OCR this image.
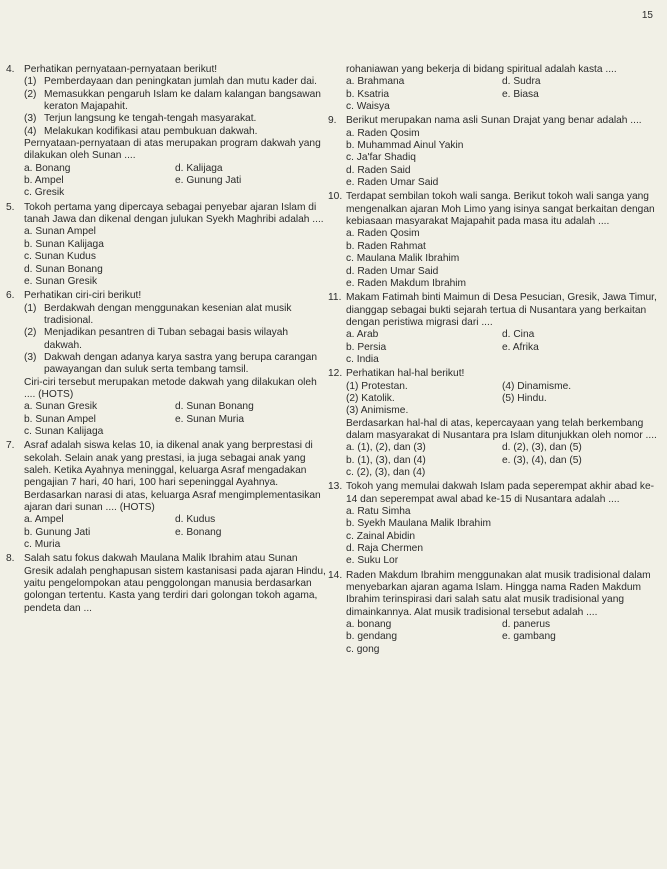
15
4. Perhatikan pernyataan-pernyataan berikut!
(1) Pemberdayaan dan peningkatan jumlah dan mutu kader dai.
(2) Memasukkan pengaruh Islam ke dalam kalangan bangsawan keraton Majapahit.
(3) Terjun langsung ke tengah-tengah masyarakat.
(4) Melakukan kodifikasi atau pembukuan dakwah.
Pernyataan-pernyataan di atas merupakan program dakwah yang dilakukan oleh Sunan ....
a. Bonang	d. Kalijaga
b. Ampel	e. Gunung Jati
c. Gresik
5. Tokoh pertama yang dipercaya sebagai penyebar ajaran Islam di tanah Jawa dan dikenal dengan julukan Syekh Maghribi adalah ....
a. Sunan Ampel
b. Sunan Kalijaga
c. Sunan Kudus
d. Sunan Bonang
e. Sunan Gresik
6. Perhatikan ciri-ciri berikut!
(1) Berdakwah dengan menggunakan kesenian alat musik tradisional.
(2) Menjadikan pesantren di Tuban sebagai basis wilayah dakwah.
(3) Dakwah dengan adanya karya sastra yang berupa carangan pawayangan dan suluk serta tembang tamsil.
Ciri-ciri tersebut merupakan metode dakwah yang dilakukan oleh .... (HOTS)
a. Sunan Gresik	d. Sunan Bonang
b. Sunan Ampel	e. Sunan Muria
c. Sunan Kalijaga
7. Asraf adalah siswa kelas 10, ia dikenal anak yang berprestasi di sekolah. Selain anak yang prestasi, ia juga sebagai anak yang saleh. Ketika Ayahnya meninggal, keluarga Asraf mengadakan pengajian 7 hari, 40 hari, 100 hari sepeninggal Ayahnya. Berdasarkan narasi di atas, keluarga Asraf mengimplementasikan ajaran dari sunan .... (HOTS)
a. Ampel	d. Kudus
b. Gunung Jati	e. Bonang
c. Muria
8. Salah satu fokus dakwah Maulana Malik Ibrahim atau Sunan Gresik adalah penghapusan sistem kastanisasi pada ajaran Hindu, yaitu pengelompokan atau penggolongan manusia berdasarkan golongan tertentu. Kasta yang terdiri dari golongan tokoh agama, pendeta dan ...
rohaniawan yang bekerja di bidang spiritual adalah kasta ....
a. Brahmana	d. Sudra
b. Ksatria	e. Biasa
c. Waisya
9. Berikut merupakan nama asli Sunan Drajat yang benar adalah ....
a. Raden Qosim
b. Muhammad Ainul Yakin
c. Ja'far Shadiq
d. Raden Said
e. Raden Umar Said
10. Terdapat sembilan tokoh wali sanga. Berikut tokoh wali sanga yang mengenalkan ajaran Moh Limo yang isinya sangat berkaitan dengan kebiasaan masyarakat Majapahit pada masa itu adalah ....
a. Raden Qosim
b. Raden Rahmat
c. Maulana Malik Ibrahim
d. Raden Umar Said
e. Raden Makdum Ibrahim
11. Makam Fatimah binti Maimun di Desa Pesucian, Gresik, Jawa Timur, dianggap sebagai bukti sejarah tertua di Nusantara yang berkaitan dengan peristiwa migrasi dari ....
a. Arab	d. Cina
b. Persia	e. Afrika
c. India
12. Perhatikan hal-hal berikut!
(1) Protestan.	(4) Dinamisme.
(2) Katolik.	(5) Hindu.
(3) Animisme.
Berdasarkan hal-hal di atas, kepercayaan yang telah berkembang dalam masyarakat di Nusantara pra Islam ditunjukkan oleh nomor ....
a. (1), (2), dan (3)	d. (2), (3), dan (5)
b. (1), (3), dan (4)	e. (3), (4), dan (5)
c. (2), (3), dan (4)
13. Tokoh yang memulai dakwah Islam pada seperempat akhir abad ke-14 dan seperempat awal abad ke-15 di Nusantara adalah ....
a. Ratu Simha
b. Syekh Maulana Malik Ibrahim
c. Zainal Abidin
d. Raja Chermen
e. Suku Lor
14. Raden Makdum Ibrahim menggunakan alat musik tradisional dalam menyebarkan ajaran agama Islam. Hingga nama Raden Makdum Ibrahim terinspirasi dari salah satu alat musik tradisional yang dimainkannya. Alat musik tradisional tersebut adalah ....
a. bonang	d. panerus
b. gendang	e. gambang
c. gong
